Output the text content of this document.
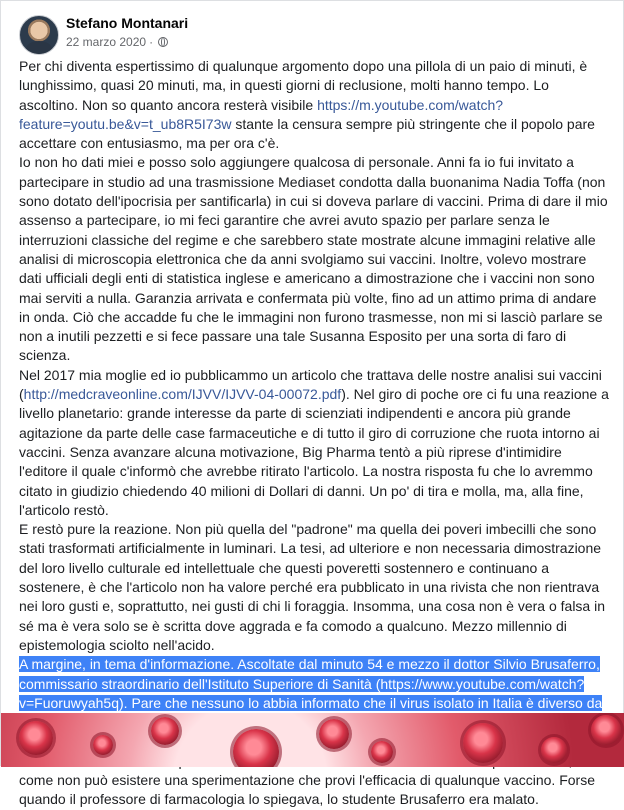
Stefano Montanari
22 marzo 2020 ·

Per chi diventa espertissimo di qualunque argomento dopo una pillola di un paio di minuti, è lunghissimo, quasi 20 minuti, ma, in questi giorni di reclusione, molti hanno tempo. Lo ascoltino. Non so quanto ancora resterà visibile https://m.youtube.com/watch?feature=youtu.be&v=t_ub8R5I73w stante la censura sempre più stringente che il popolo pare accettare con entusiasmo, ma per ora c'è.

Io non ho dati miei e posso solo aggiungere qualcosa di personale. Anni fa io fui invitato a partecipare in studio ad una trasmissione Mediaset condotta dalla buonanima Nadia Toffa (non sono dotato dell'ipocrisia per santificarla) in cui si doveva parlare di vaccini. Prima di dare il mio assenso a partecipare, io mi feci garantire che avrei avuto spazio per parlare senza le interruzioni classiche del regime e che sarebbero state mostrate alcune immagini relative alle analisi di microscopia elettronica che da anni svolgiamo sui vaccini. Inoltre, volevo mostrare dati ufficiali degli enti di statistica inglese e americano a dimostrazione che i vaccini non sono mai serviti a nulla. Garanzia arrivata e confermata più volte, fino ad un attimo prima di andare in onda. Ciò che accadde fu che le immagini non furono trasmesse, non mi si lasciò parlare se non a inutili pezzetti e si fece passare una tale Susanna Esposito per una sorta di faro di scienza.

Nel 2017 mia moglie ed io pubblicammo un articolo che trattava delle nostre analisi sui vaccini (http://medcraveonline.com/IJVV/IJVV-04-00072.pdf). Nel giro di poche ore ci fu una reazione a livello planetario: grande interesse da parte di scienziati indipendenti e ancora più grande agitazione da parte delle case farmaceutiche e di tutto il giro di corruzione che ruota intorno ai vaccini. Senza avanzare alcuna motivazione, Big Pharma tentò a più riprese d'intimidire l'editore il quale c'informò che avrebbe ritirato l'articolo. La nostra risposta fu che lo avremmo citato in giudizio chiedendo 40 milioni di Dollari di danni. Un po' di tira e molla, ma, alla fine, l'articolo restò.

E restò pure la reazione. Non più quella del "padrone" ma quella dei poveri imbecilli che sono stati trasformati artificialmente in luminari. La tesi, ad ulteriore e non necessaria dimostrazione del loro livello culturale ed intellettuale che questi poveretti sostennero e continuano a sostenere, è che l'articolo non ha valore perché era pubblicato in una rivista che non rientrava nei loro gusti e, soprattutto, nei gusti di chi li foraggia. Insomma, una cosa non è vera o falsa in sé ma è vera solo se è scritta dove aggrada e fa comodo a qualcuno. Mezzo millennio di epistemologia sciolto nell'acido.

A margine, in tema d'informazione. Ascoltate dal minuto 54 e mezzo il dottor Silvio Brusaferro, commissario straordinario dell'Istituto Superiore di Sanità (https://www.youtube.com/watch?v=Fuoruwyah5q). Pare che nessuno lo abbia informato che il virus isolato in Italia è diverso da come non può esistere una sperimentazione che provi l'efficacia di qualunque vaccino. Forse quando il professore di farmacologia lo spiegava, lo studente Brusaferro era malato.
